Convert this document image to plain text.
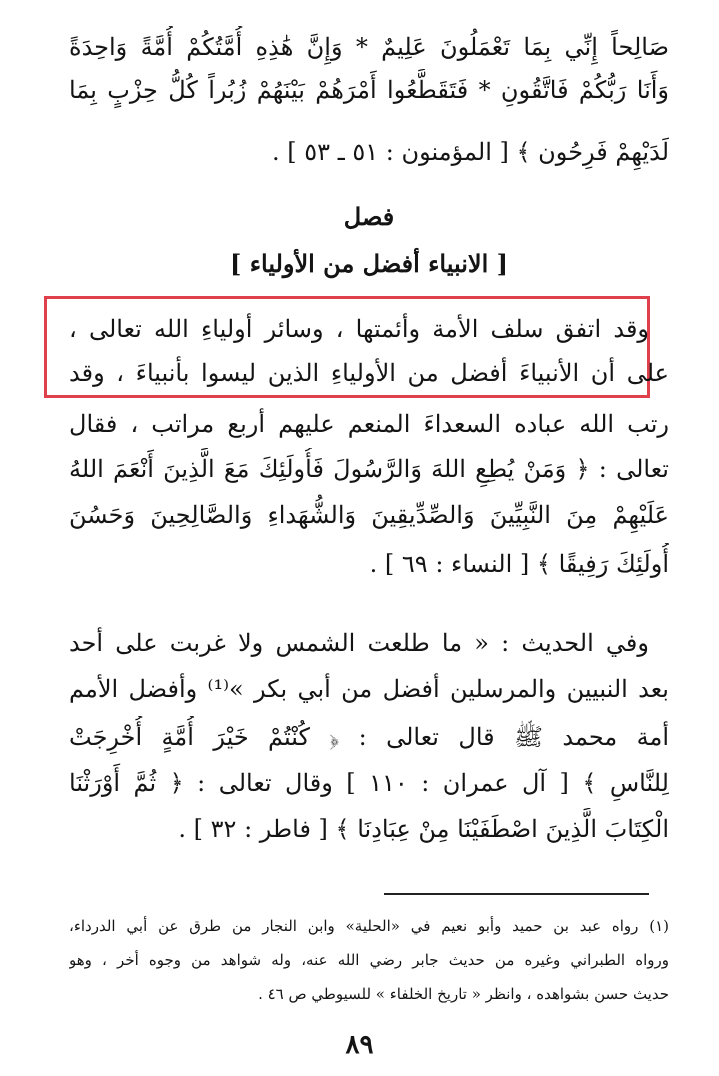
صَالِحاً إِنِّي بِمَا تَعْمَلُونَ عَلِيمٌ * وَإِنَّ هَٰذِهِ أُمَّتُكُمْ أُمَّةً وَاحِدَةً
وَأَنَا رَبُّكُمْ فَاتَّقُونِ * فَتَقَطَّعُوا أَمْرَهُمْ بَيْنَهُمْ زُبُراً كُلُّ حِزْبٍ بِمَا
لَدَيْهِمْ فَرِحُون ﴾ [ المؤمنون : ٥١ ـ ٥٣ ] .
فصل
[ الانبياء أفضل من الأولياء ]
وقد اتفق سلف الأمة وأئمتها ، وسائر أولياءِ الله تعالى ،
على أن الأنبياءَ أفضل من الأولياءِ الذين ليسوا بأنبياءَ ، وقد
رتب الله عباده السعداءَ المنعم عليهم أربع مراتب ، فقال
تعالى : ﴿ وَمَنْ يُطِعِ اللهَ وَالرَّسُولَ فَأُولَئِكَ مَعَ الَّذِينَ أَنْعَمَ اللهُ
عَلَيْهِمْ مِنَ النَّبِيِّينَ وَالصِّدِّيقِينَ وَالشُّهَداءِ وَالصَّالِحِينَ وَحَسُنَ
أُولَئِكَ رَفِيقًا ﴾ [ النساء : ٦٩ ] .
وفي الحديث : « ما طلعت الشمس ولا غربت على أحد
بعد النبيين والمرسلين أفضل من أبي بكر »⁽¹⁾ وأفضل الأمم
أمة محمد ﷺ قال تعالى : ﴿ كُنْتُمْ خَيْرَ أُمَّةٍ أُخْرِجَتْ
لِلنَّاسِ ﴾ [ آل عمران : ١١٠ ] وقال تعالى : ﴿ ثُمَّ أَوْرَثْنَا
الْكِتَابَ الَّذِينَ اصْطَفَيْنَا مِنْ عِبَادِنَا ﴾ [ فاطر : ٣٢ ] .
(١) رواه عبد بن حميد وأبو نعيم في «الحلية» وابن النجار من طرق عن أبي الدرداء،
ورواه الطبراني وغيره من حديث جابر رضي الله عنه، وله شواهد من وجوه أخر ، وهو
حديث حسن بشواهده ، وانظر « تاريخ الخلفاء » للسيوطي ص ٤٦ .
٨٩
